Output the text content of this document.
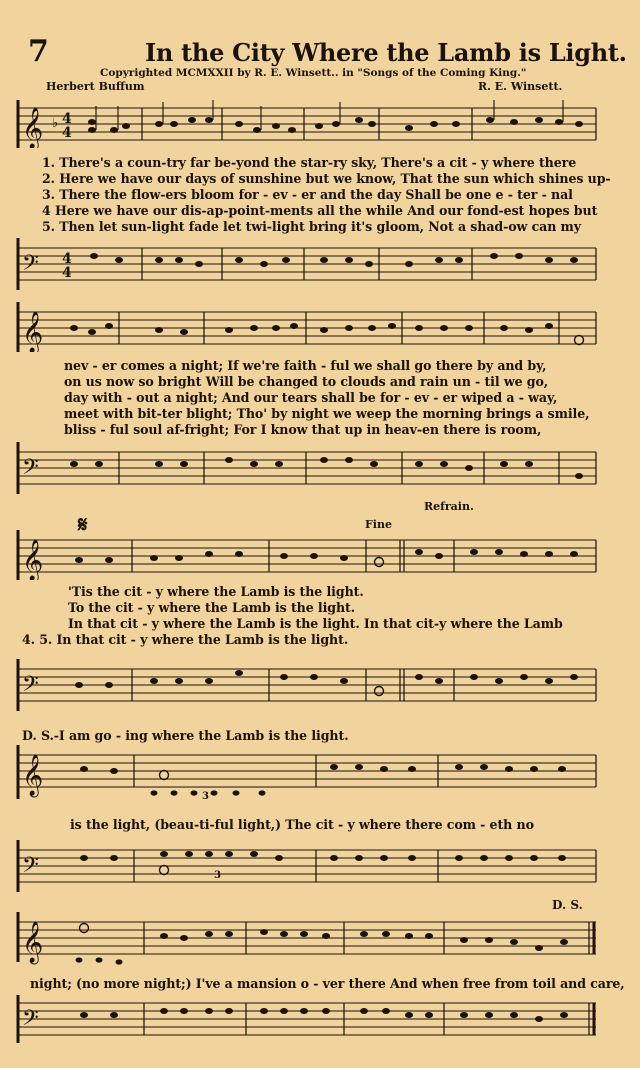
7	In the City Where the Lamb is Light.
Copyrighted MCMXXII by R. E. Winsett.. in "Songs of the Coming King."
Herbert Buffum	R. E. Winsett.
𝄞 4
4
♭
1. There's a coun-try far be-yond the star-ry sky, There's a cit - y where there
2. Here we have our days of sunshine but we know, That the sun which shines up-
3. There the flow-ers bloom for - ev - er and the day Shall be one e - ter - nal
4 Here we have our dis-ap-point-ments all the while And our fond-est hopes but
5. Then let sun-light fade let twi-light bring it's gloom, Not a shad-ow can my
𝄢 4
4
𝄞
nev - er comes a night; If we're faith - ful we shall go there by and by,
on us now so bright Will be changed to clouds and rain un - til we go,
day with - out a night; And our tears shall be for - ev - er wiped a - way,
meet with bit-ter blight; Tho' by night we weep the morning brings a smile,
bliss - ful soul af-fright; For I know that up in heav-en there is room,
𝄢
Refrain.
𝄋	Fine
𝄞
'Tis the cit - y where the Lamb is the light.
To the cit - y where the Lamb is the light.
In that cit - y where the Lamb is the light. In that cit-y where the Lamb
4. 5. In that cit - y where the Lamb is the light.
𝄢
D. S.-I am go - ing where the Lamb is the light.
𝄞
3
is the light, (beau-ti-ful light,) The cit - y where there com - eth no
𝄢	3
D. S.
𝄞
night; (no more night;) I've a mansion o - ver there And when free from toil and care,
𝄢
